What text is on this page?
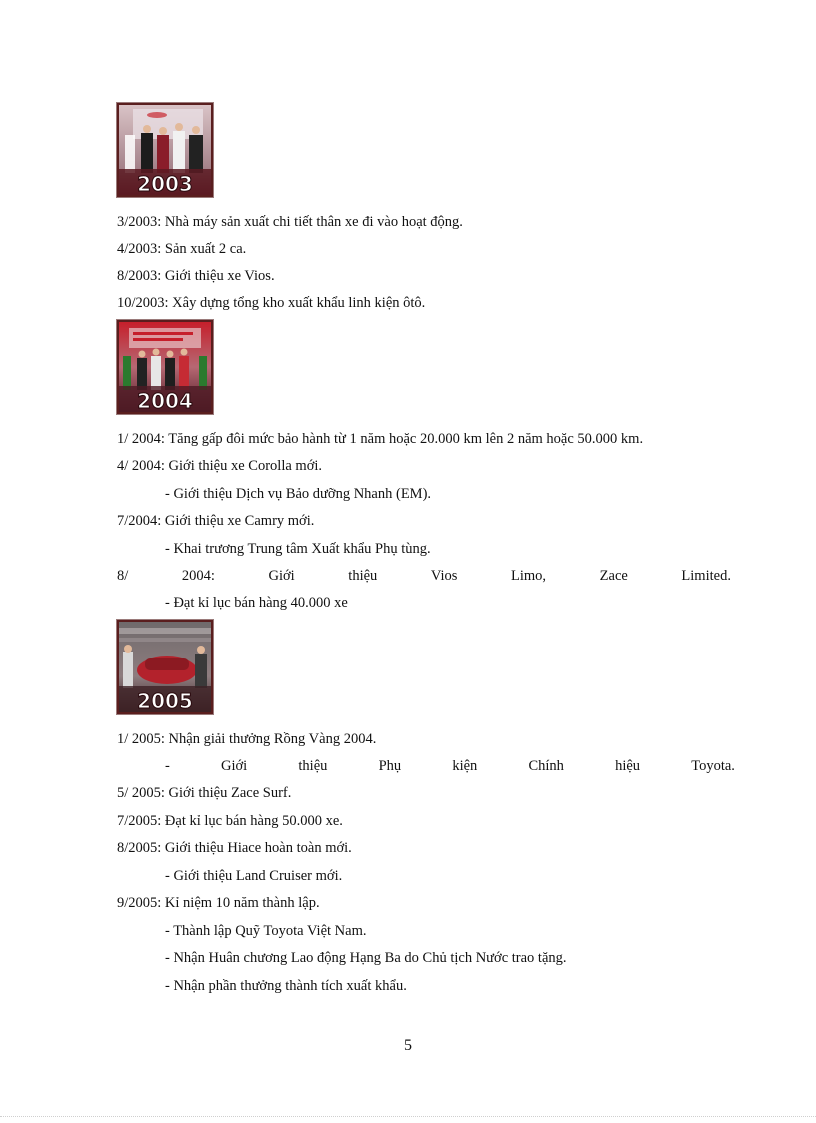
2003
3/2003: Nhà máy sản xuất chi tiết thân xe đi vào hoạt động.
4/2003: Sản xuất 2 ca.
8/2003: Giới thiệu xe Vios.
10/2003: Xây dựng tổng kho xuất khẩu linh kiện ôtô.
2004
1/ 2004: Tăng gấp đôi mức bảo hành từ 1 năm hoặc 20.000 km lên 2 năm hoặc 50.000 km.
4/ 2004: Giới thiệu xe Corolla mới.
- Giới thiệu Dịch vụ Bảo dưỡng Nhanh (EM).
7/2004: Giới thiệu xe Camry mới.
- Khai trương Trung tâm Xuất khẩu Phụ tùng.
8/	2004:	Giới	thiệu	Vios	Limo,	Zace	Limited.
- Đạt kỉ lục bán hàng 40.000 xe
2005
1/ 2005: Nhận giải thưởng Rồng Vàng 2004.
-	Giới	thiệu	Phụ	kiện	Chính	hiệu	Toyota.
5/ 2005: Giới thiệu Zace Surf.
7/2005: Đạt kỉ lục bán hàng 50.000 xe.
8/2005: Giới thiệu Hiace hoàn toàn mới.
- Giới thiệu Land Cruiser mới.
9/2005: Kỉ niệm 10 năm thành lập.
- Thành lập Quỹ Toyota Việt Nam.
- Nhận Huân chương Lao động Hạng Ba do Chủ tịch Nước trao tặng.
- Nhận phần thưởng thành tích xuất khẩu.
5
